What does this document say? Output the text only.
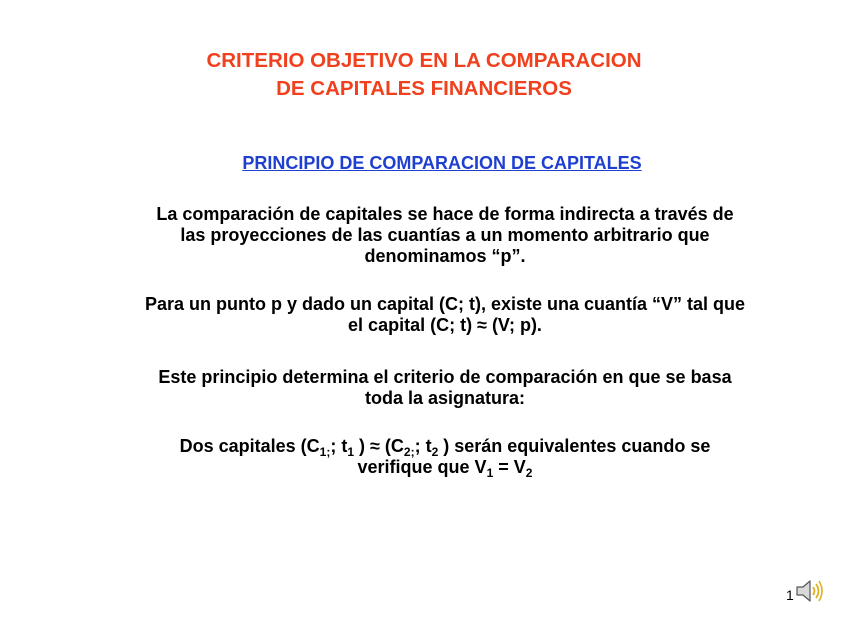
CRITERIO OBJETIVO EN LA COMPARACION
DE CAPITALES FINANCIEROS
PRINCIPIO DE COMPARACION DE CAPITALES
La comparación de capitales se hace de forma indirecta a través de
las proyecciones de las cuantías a un momento arbitrario que
denominamos “p”.
Para un punto p y dado un capital (C; t), existe una cuantía “V” tal que
el capital (C; t) ≈ (V; p).
Este principio determina el criterio de comparación en que se basa
toda la asignatura:
Dos capitales ($C_{1;}$; $t_1$ ) ≈ ($C_{2;}$; $t_2$ ) serán equivalentes cuando se
verifique que $V_1 = V_2$
1
